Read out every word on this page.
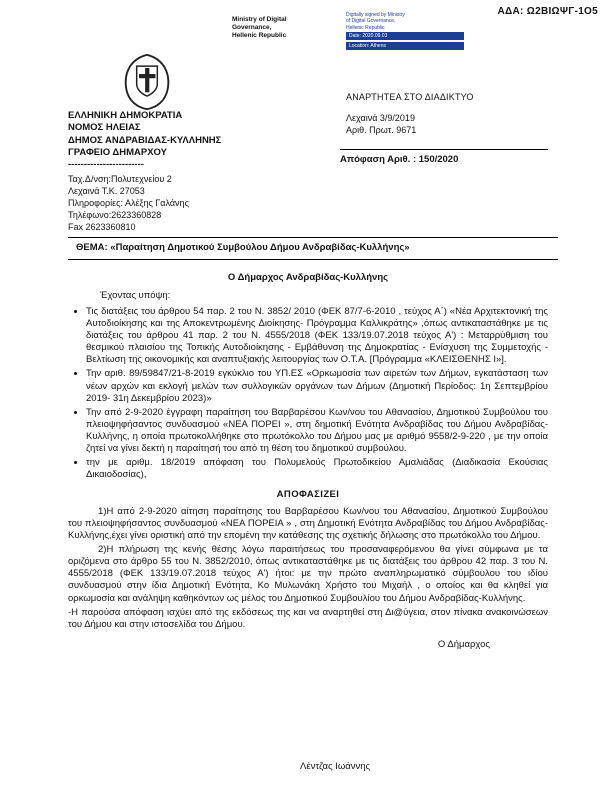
ΑΔΑ: Ω2ΒΙΩΨΓ-1Ο5
Ministry of Digital
Governance,
Hellenic Republic
Digitally signed by Ministry
of Digital Governance,
Hellenic Republic
Date: 2020.09.03
Location: Athens
ΑΝΑΡΤΗΤΕΑ ΣΤΟ ΔΙΑΔΙΚΤΥΟ
ΕΛΛΗΝΙΚΗ ΔΗΜΟΚΡΑΤΙΑ
ΝΟΜΟΣ ΗΛΕΙΑΣ
ΔΗΜΟΣ ΑΝΔΡΑΒΙΔΑΣ-ΚΥΛΛΗΝΗΣ
ΓΡΑΦΕΙΟ ΔΗΜΑΡΧΟΥ
------------------------
Λεχαινά 3/9/2019
Αριθ. Πρωτ. 9671
Απόφαση Αριθ. : 150/2020
Ταχ.Δ/νση:Πολυτεχνείου 2
Λεχαινά Τ.Κ. 27053
Πληροφορίες: Αλέξης Γαλάνης
Τηλέφωνο:2623360828
Fax 2623360810
ΘΕΜΑ: «Παραίτηση Δημοτικού Συμβούλου Δήμου Ανδραβίδας-Κυλλήνης»
Ο Δήμαρχος Ανδραβίδας-Κυλλήνης
Έχοντας υπόψη:
• Τις διατάξεις του άρθρου 54 παρ. 2 του Ν. 3852/ 2010 (ΦΕΚ 87/7-6-2010 , τεύχος Α΄) «Νέα Αρχιτεκτονική της Αυτοδιοίκησης και της Αποκεντρωμένης Διοίκησης- Πρόγραμμα Καλλικράτης» ,όπως αντικαταστάθηκε με τις διατάξεις του άρθρου 41 παρ. 2 του Ν. 4555/2018 (ΦΕΚ 133/19.07.2018 τεύχος Α') : Μεταρρύθμιση του θεσμικού πλαισίου της Τοπικής Αυτοδιοίκησης - Εμβάθυνση της Δημοκρατίας - Ενίσχυση της Συμμετοχής - Βελτίωση της οικονομικής και αναπτυξιακής λειτουργίας των Ο.Τ.Α. [Πρόγραμμα «ΚΛΕΙΣΘΕΝΗΣ Ι»].
• Την αριθ. 89/59847/21-8-2019 εγκύκλιο του ΥΠ.ΕΣ «Ορκωμοσία των αιρετών των Δήμων, εγκατάσταση των νέων αρχών και εκλογή μελών των συλλογικών οργάνων των Δήμων (Δημοτική Περίοδος: 1η Σεπτεμβρίου 2019- 31η Δεκεμβρίου 2023)»
• Την από 2-9-2020 έγγραφη παραίτηση του Βαρβαρέσου Κων/νου του Αθανασίου, Δημοτικού Συμβούλου του πλειοψηφήσαντος συνδυασμού «ΝΕΑ ΠΟΡΕΙ », στη δημοτική Ενότητα Ανδραβίδας του Δήμου Ανδραβίδας-Κυλλήνης, η οποία πρωτοκολλήθηκε στο πρωτόκολλο του Δήμου μας με αριθμό 9558/2-9-220 , με την οποία ζητεί να γίνει δεκτή η παραίτησή του από τη θέση του δημοτικού συμβούλου.
• την με αριθμ. 18/2019 απόφαση του Πολυμελούς Πρωτοδικείου Αμαλιάδας (Διαδικασία Εκούσιας Δικαιοδοσίας),
ΑΠΟΦΑΣΙΖΕΙ

1)Η από 2-9-2020 αίτηση παραίτησης του Βαρβαρέσου Κων/νου του Αθανασίου, Δημοτικού Συμβούλου του πλειοψηφήσαντος συνδυασμού «ΝΕΑ ΠΟΡΕΙΑ » , στη Δημοτική Ενότητα Ανδραβίδας του Δήμου Ανδραβίδας-Κυλλήνης,έχει γίνει οριστική από την επομένη την κατάθεσης της σχετικής δήλωσης στο πρωτόκολλο του Δήμου.

2)Η πλήρωση της κενής θέσης λόγω παραιτήσεως του προσαναφερόμενου θα γίνει σύμφωνα με τα οριζόμενα στο άρθρο 55 του Ν. 3852/2010, όπως αντικαταστάθηκε με τις διατάξεις του άρθρου 42 παρ. 3 του Ν. 4555/2018 (ΦΕΚ 133/19.07.2018 τεύχος Α') ήτοι: με την πρώτο αναπληρωματικό σύμβουλου του ιδίου συνδυασμού στην ίδια Δημοτική Ενότητα, Κο Μυλωνάκη Χρήστο του Μιχαήλ , ο οποίος και θα κληθεί για ορκωμοσία και ανάληψη καθηκόντων ως μέλος του Δημοτικού Συμβουλίου του Δήμου Ανδραβίδας-Κυλλήνης.

-Η παρούσα απόφαση ισχύει από της εκδόσεως της και να αναρτηθεί στη Δι@ύγεια, στον πίνακα ανακοινώσεων του Δήμου και στην ιστοσελίδα του Δήμου.

Ο Δήμαρχος
Λέντζας Ιωάννης
